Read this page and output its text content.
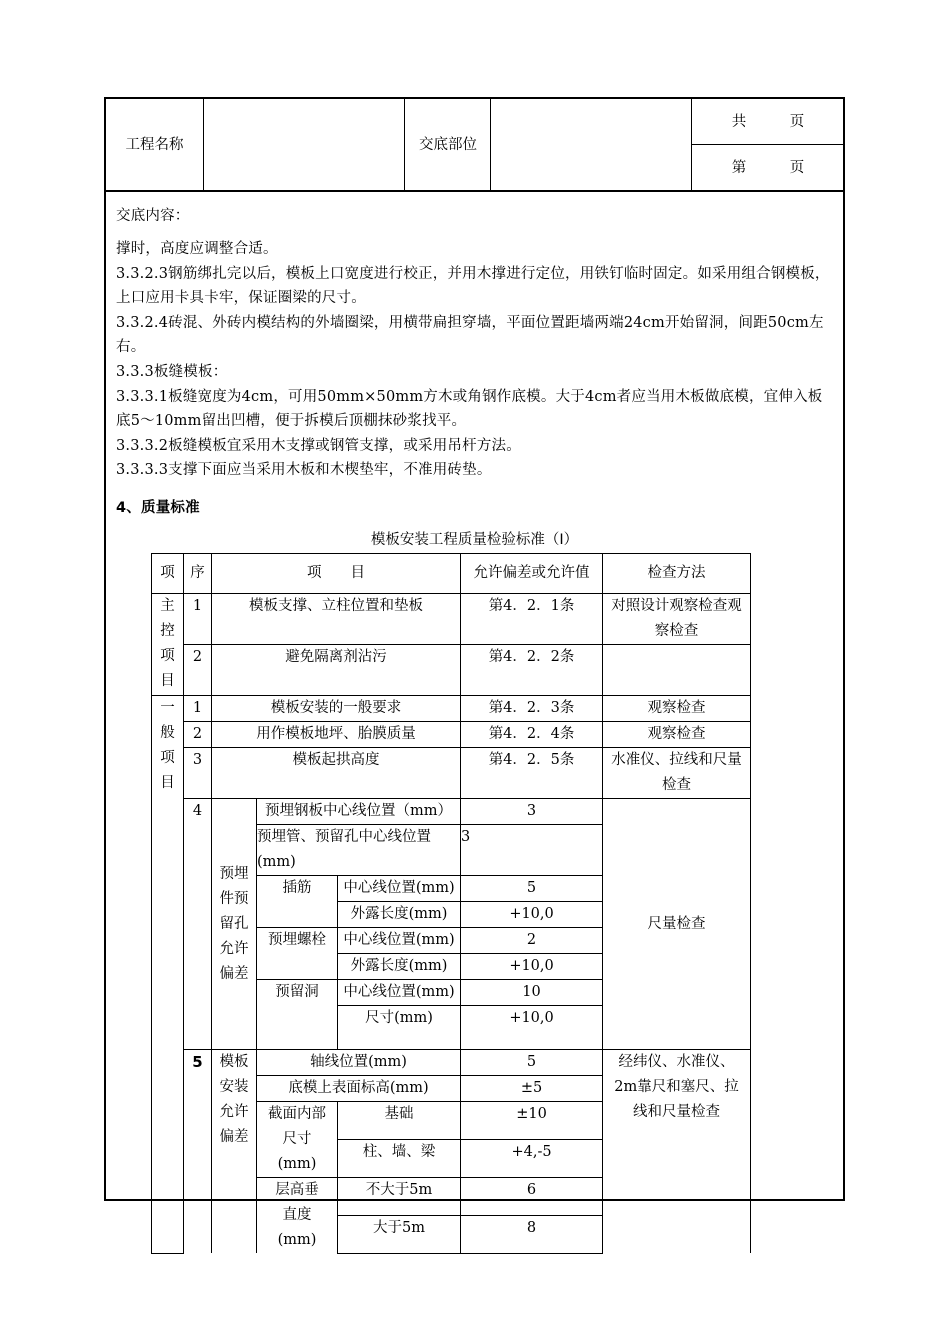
工程名称	交底部位
共　　　页
第　　　页
交底内容：

撑时，高度应调整合适。

3.3.2.3钢筋绑扎完以后，模板上口宽度进行校正，并用木撑进行定位，用铁钉临时固定。如采用组合钢模板，上口应用卡具卡牢，保证圈梁的尺寸。

3.3.2.4砖混、外砖内模结构的外墙圈梁，用横带扁担穿墙，平面位置距墙两端24cm开始留洞，间距50cm左右。

3.3.3板缝模板：

3.3.3.1板缝宽度为4cm，可用50mm×50mm方木或角钢作底模。大于4cm者应当用木板做底模，宜伸入板底5～10mm留出凹槽，便于拆模后顶棚抹砂浆找平。

3.3.3.2板缝模板宜采用木支撑或钢管支撑，或采用吊杆方法。

3.3.3.3支撑下面应当采用木板和木楔垫牢，不准用砖垫。

4、质量标准
模板安装工程质量检验标准（Ⅰ）
项	序	项　　目			允许偏差或允许值	检查方法	
主控项目	1	模板支撑、立柱位置和垫板			第4．2．1条	对照设计观察检查观察检查	
	2	避免隔离剂沾污			第4．2．2条		
一般项目	1	模板安装的一般要求			第4．2．3条	观察检查	
	2	用作模板地坪、胎膜质量			第4．2．4条	观察检查	
	3	模板起拱高度			第4．2．5条	水准仪、拉线和尺量检查	
	4	预埋件预留孔允许偏差	预埋钢板中心线位置（mm）		3	尺量检查	
			预埋管、预留孔中心线位置(mm)		3		
			插筋	中心线位置(mm)	5		
				外露长度(mm)	+10,0		
			预埋螺栓	中心线位置(mm)	2		
				外露长度(mm)	+10,0		
			预留洞	中心线位置(mm)	10		
				尺寸(mm)	+10,0		

	5	模板安装允许偏差	轴线位置(mm)		5	经纬仪、水准仪、2m靠尺和塞尺、拉线和尺量检查	
			底模上表面标高(mm)		±5		
			截面内部尺寸(mm)	基础	±10		
				柱、墙、梁	+4,-5		
			层高垂直度(mm)	不大于5m	6		
				大于5m	8		
